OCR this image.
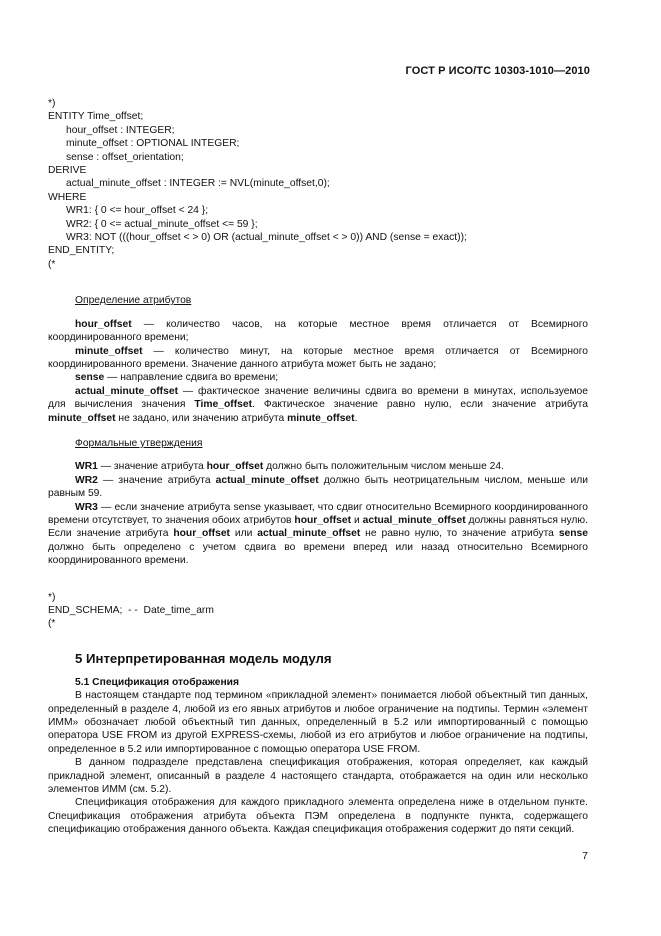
ГОСТ Р ИСО/ТС 10303-1010—2010
*)
ENTITY Time_offset;
hour_offset : INTEGER;
minute_offset : OPTIONAL INTEGER;
sense : offset_orientation;
DERIVE
actual_minute_offset : INTEGER := NVL(minute_offset,0);
WHERE
WR1: { 0 <= hour_offset < 24 };
WR2: { 0 <= actual_minute_offset <= 59 };
WR3: NOT (((hour_offset < > 0) OR (actual_minute_offset < > 0)) AND (sense = exact));
END_ENTITY;
(*
Определение атрибутов
hour_offset — количество часов, на которые местное время отличается от Всемирного координированного времени;
minute_offset — количество минут, на которые местное время отличается от Всемирного координированного времени. Значение данного атрибута может быть не задано;
sense — направление сдвига во времени;
actual_minute_offset — фактическое значение величины сдвига во времени в минутах, используемое для вычисления значения Time_offset. Фактическое значение равно нулю, если значение атрибута minute_offset не задано, или значению атрибута minute_offset.
Формальные утверждения
WR1 — значение атрибута hour_offset должно быть положительным числом меньше 24.
WR2 — значение атрибута actual_minute_offset должно быть неотрицательным числом, меньше или равным 59.
WR3 — если значение атрибута sense указывает, что сдвиг относительно Всемирного координированного времени отсутствует, то значения обоих атрибутов hour_offset и actual_minute_offset должны равняться нулю. Если значение атрибута hour_offset или actual_minute_offset не равно нулю, то значение атрибута sense должно быть определено с учетом сдвига во времени вперед или назад относительно Всемирного координированного времени.
*)
END_SCHEMA;  - -  Date_time_arm
(*
5 Интерпретированная модель модуля
5.1 Спецификация отображения
В настоящем стандарте под термином «прикладной элемент» понимается любой объектный тип данных, определенный в разделе 4, любой из его явных атрибутов и любое ограничение на подтипы. Термин «элемент ИММ» обозначает любой объектный тип данных, определенный в 5.2 или импортированный с помощью оператора USE FROM из другой EXPRESS-схемы, любой из его атрибутов и любое ограничение на подтипы, определенное в 5.2 или импортированное с помощью оператора USE FROM.
В данном подразделе представлена спецификация отображения, которая определяет, как каждый прикладной элемент, описанный в разделе 4 настоящего стандарта, отображается на один или несколько элементов ИММ (см. 5.2).
Спецификация отображения для каждого прикладного элемента определена ниже в отдельном пункте. Спецификация отображения атрибута объекта ПЭМ определена в подпункте пункта, содержащего спецификацию отображения данного объекта. Каждая спецификация отображения содержит до пяти секций.
7
